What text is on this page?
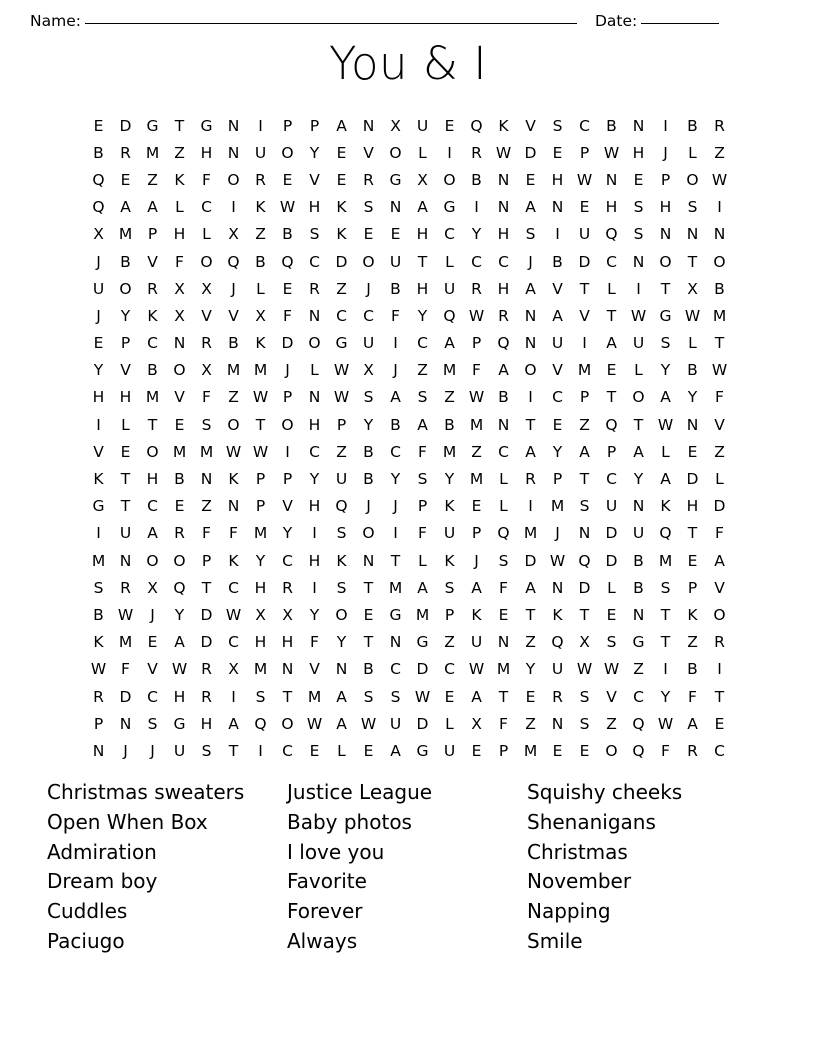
Name:	Date:
You & I
E	D G	T	G N	I	P	P	A	N	X	U	E	Q	K	V	S	C	B	N	I	B	R
B	R M Z	H N	U O	Y	E	V	O	L	I	R W D	E	P W H	J	L	Z
Q	E	Z	K	F	O	R	E	V	E	R	G	X	O	B	N	E	H W N	E	P	O W
Q	A	A	L	C	I	K W H	K	S	N	A	G	I	N	A	N	E	H	S	H	S	I
X M	P	H	L	X	Z	B	S	K	E	E	H	C	Y	H	S	I	U Q	S	N N N
J	B	V	F	O Q	B	Q C	D O U	T	L	C	C	J	B	D	C	N O	T	O
U O	R	X	X	J	L	E	R	Z	J	B	H U	R	H	A	V	T	L	I	T	X	B
J	Y	K	X	V	V	X	F	N	C	C	F	Y	Q W R	N	A	V	T W G W M
E	P	C	N	R	B	K	D O G U	I	C	A	P	Q N	U	I	A	U	S	L	T
Y	V	B	O	X M M	J	L W X	J	Z M	F	A	O	V M E	L	Y	B W
H H M V	F	Z W P	N W S	A	S	Z W B	I	C	P	T	O	A	Y	F
I	L	T	E	S	O	T	O H	P	Y	B	A	B M N	T	E	Z	Q	T W N	V
V	E	O M M W W	I	C	Z	B	C	F	M Z	C	A	Y	A	P	A	L	E	Z
K	T	H	B	N	K	P	P	Y	U	B	Y	S	Y	M	L	R	P	T	C	Y	A	D	L
G	T	C	E	Z	N	P	V	H Q	J	J	P	K	E	L	I	M S	U	N	K	H D
I	U	A	R	F	F	M	Y	I	S	O	I	F	U	P	Q M	J	N D U Q	T	F
M N O O	P	K	Y	C	H	K	N	T	L	K	J	S	D W Q D	B M E	A
S	R	X	Q	T	C	H	R	I	S	T	M A	S	A	F	A	N D	L	B	S	P	V
B W	J	Y	D W X	X	Y	O	E	G M	P	K	E	T	K	T	E	N	T	K	O
K M E	A	D	C	H H	F	Y	T	N G	Z	U	N	Z	Q	X	S	G	T	Z	R
W F	V W R	X M N	V	N	B	C	D	C W M	Y	U W W Z	I	B	I
R	D	C	H	R	I	S	T	M A	S	S W E	A	T	E	R	S	V	C	Y	F	T
P	N	S	G H	A	Q O W A W U D	L	X	F	Z	N	S	Z	Q W A	E
N	J	J	U	S	T	I	C	E	L	E	A	G U	E	P	M E	E	O Q	F	R	C
Christmas sweaters
Open When Box
Admiration
Dream boy
Cuddles
Paciugo
Justice League
Baby photos
I love you
Favorite
Forever
Always
Squishy cheeks
Shenanigans
Christmas
November
Napping
Smile
